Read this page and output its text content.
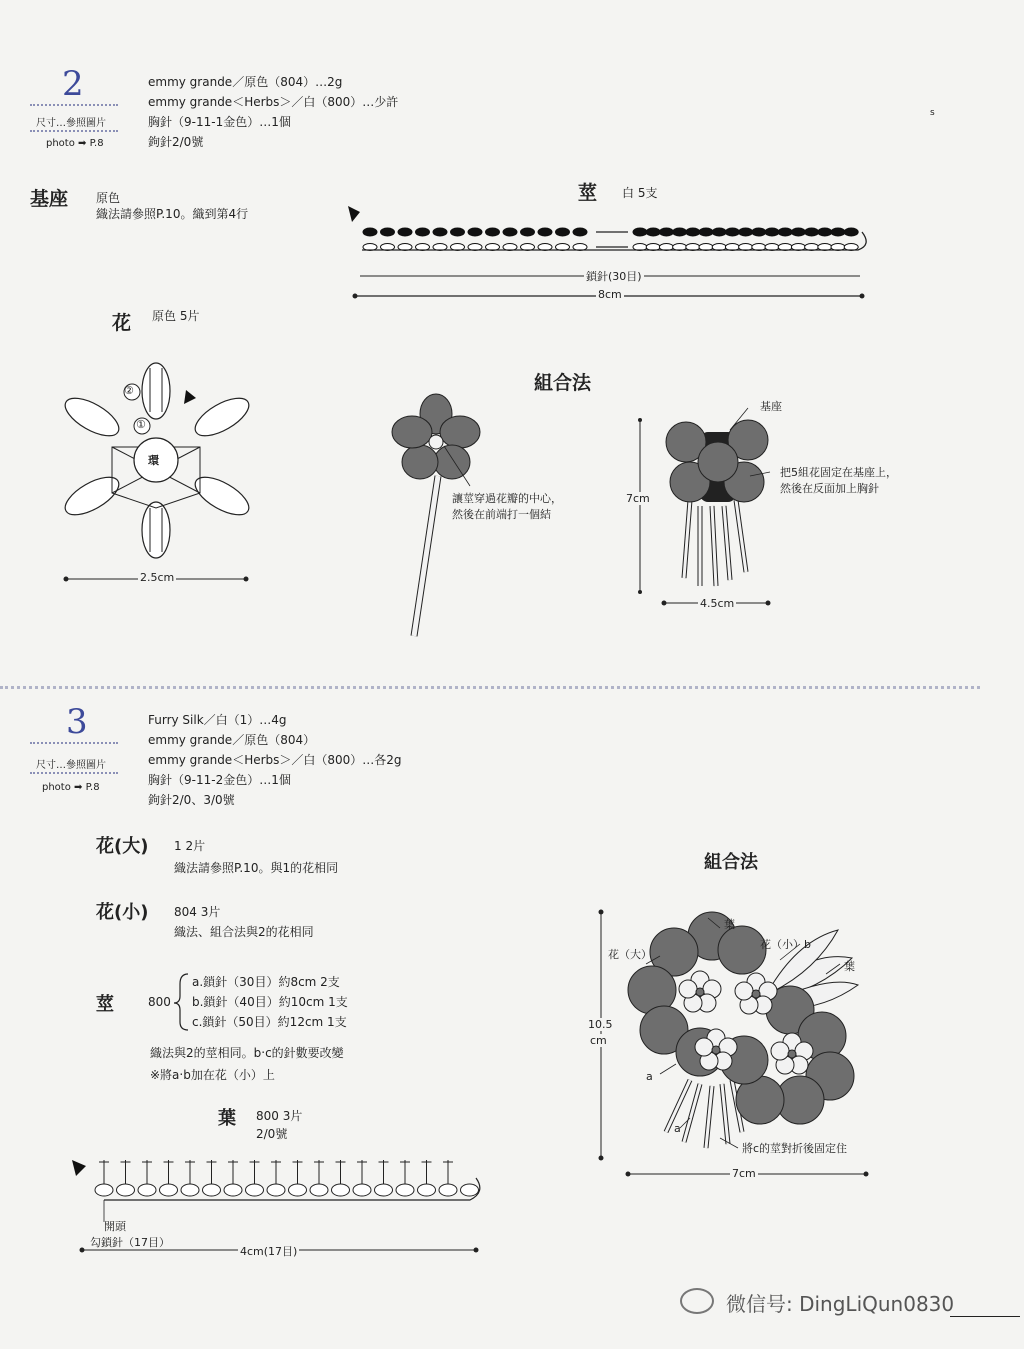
2
尺寸…參照圖片
photo ➡ P.8
emmy grande／原色（804）…2g
emmy grande＜Herbs＞／白（800）…少許
胸針（9-11-1金色）…1個
鉤針2/0號
s
基座 原色
織法請參照P.10。織到第4行
莖 白 5支
鎖針(30目)
8cm
花 原色 5片
環
①
②
2.5cm
組合法
讓莖穿過花瓣的中心，
然後在前端打一個結
基座
把5組花固定在基座上，
然後在反面加上胸針
7cm
4.5cm
3
尺寸…參照圖片
photo ➡ P.8
Furry Silk／白（1）…4g
emmy grande／原色（804）
emmy grande＜Herbs＞／白（800）…各2g
胸針（9-11-2金色）…1個
鉤針2/0、3/0號
花(大) 1 2片
織法請參照P.10。與1的花相同
花(小) 804 3片
織法、組合法與2的花相同
莖	800
a.鎖針（30目）約8cm 2支
b.鎖針（40目）約10cm 1支
c.鎖針（50目）約12cm 1支
織法與2的莖相同。b‧c的針數要改變
※將a‧b加在花（小）上
葉 800 3片
2/0號
開頭
勾鎖針（17目）
4cm(17目)
組合法
葉
花（大）
花（小）b
葉
a
a
將c的莖對折後固定住
10.5
cm
7cm
微信号: DingLiQun0830
